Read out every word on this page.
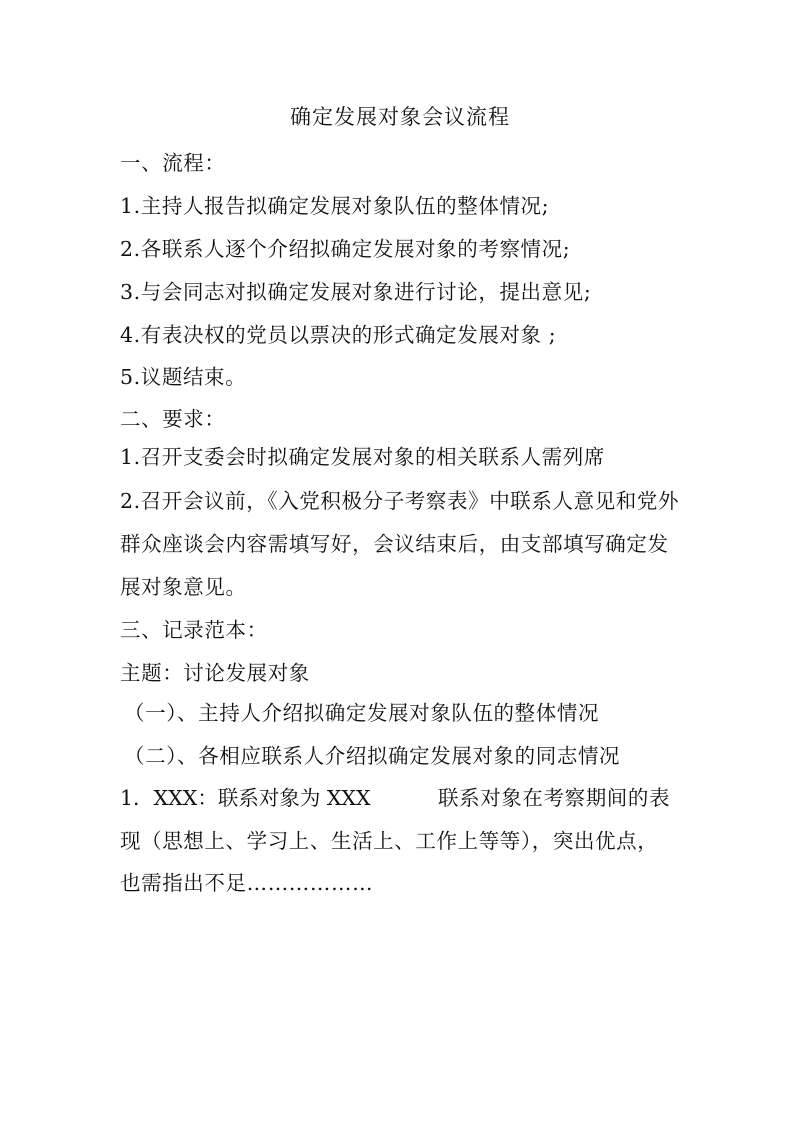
确定发展对象会议流程
一、流程：
1.主持人报告拟确定发展对象队伍的整体情况;
2.各联系人逐个介绍拟确定发展对象的考察情况;
3.与会同志对拟确定发展对象进行讨论，提出意见;
4.有表决权的党员以票决的形式确定发展对象 ;
5.议题结束。
二、要求：
1.召开支委会时拟确定发展对象的相关联系人需列席
2.召开会议前，《入党积极分子考察表》中联系人意见和党外
群众座谈会内容需填写好，会议结束后，由支部填写确定发
展对象意见。
三、记录范本：
主题：讨论发展对象
（一）、主持人介绍拟确定发展对象队伍的整体情况
（二）、各相应联系人介绍拟确定发展对象的同志情况
1．XXX：联系对象为 XXX	联系对象在考察期间的表
现（思想上、学习上、生活上、工作上等等），突出优点，
也需指出不足………………
